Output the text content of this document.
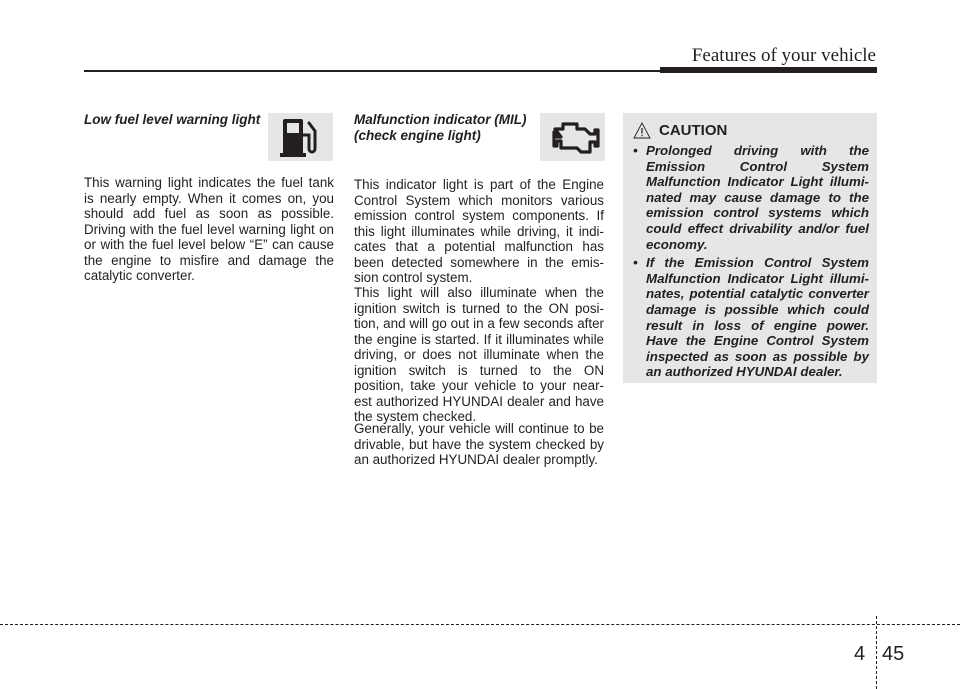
Features of your vehicle
Low fuel level warning light

This warning light indicates the fuel tank is nearly empty. When it comes on, you should add fuel as soon as possible. Driving with the fuel level warning light on or with the fuel level below “E” can cause the engine to misfire and damage the catalytic converter.

Malfunction indicator (MIL)
(check engine light)

This indicator light is part of the Engine Control System which monitors various emission control system components. If this light illuminates while driving, it indi-cates that a potential malfunction has been detected somewhere in the emis-sion control system.

This light will also illuminate when the ignition switch is turned to the ON posi-tion, and will go out in a few seconds after the engine is started. If it illuminates while driving, or does not illuminate when the ignition switch is turned to the ON position, take your vehicle to your near-est authorized HYUNDAI dealer and have the system checked.

Generally, your vehicle will continue to be drivable, but have the system checked by an authorized HYUNDAI dealer promptly.

CAUTION
• Prolonged driving with the Emission Control System Malfunction Indicator Light illumi-nated may cause damage to the emission control systems which could effect drivability and/or fuel economy.
• If the Emission Control System Malfunction Indicator Light illumi-nates, potential catalytic converter damage is possible which could result in loss of engine power. Have the Engine Control System inspected as soon as possible by an authorized HYUNDAI dealer.
4 45
